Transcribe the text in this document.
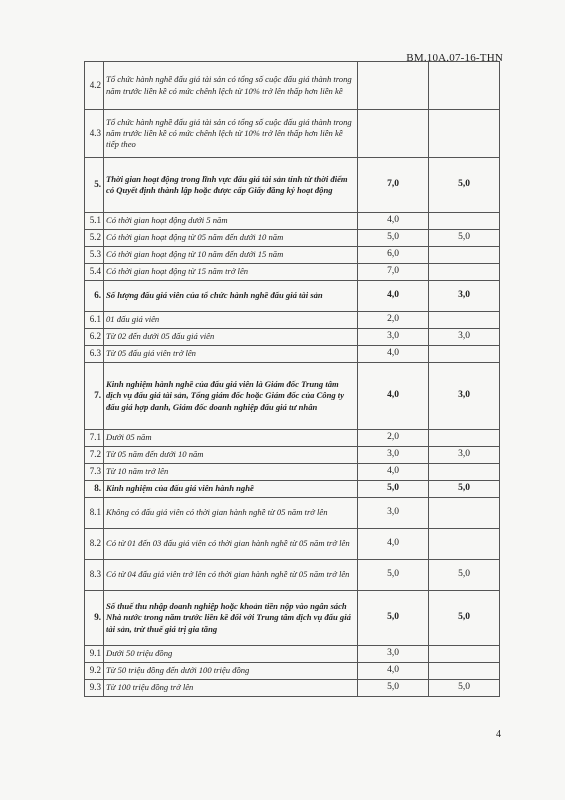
BM.10A.07-16-THN
4.2	Tổ chức hành nghề đấu giá tài sản có tổng số cuộc đấu giá thành trong năm trước liền kề có mức chênh lệch từ 10% trở lên thấp hơn liền kề		
4.3	Tổ chức hành nghề đấu giá tài sản có tổng số cuộc đấu giá thành trong năm trước liền kề có mức chênh lệch từ 10% trở lên thấp hơn liền kề tiếp theo		
5.	Thời gian hoạt động trong lĩnh vực đấu giá tài sản tính từ thời điểm có Quyết định thành lập hoặc được cấp Giấy đăng ký hoạt động	7,0	5,0
5.1	Có thời gian hoạt động dưới 5 năm	4,0	
5.2	Có thời gian hoạt động từ 05 năm đến dưới 10 năm	5,0	5,0
5.3	Có thời gian hoạt động từ 10 năm đến dưới 15 năm	6,0	
5.4	Có thời gian hoạt động từ 15 năm trở lên	7,0	
6.	Số lượng đấu giá viên của tổ chức hành nghề đấu giá tài sản	4,0	3,0
6.1	01 đấu giá viên	2,0	
6.2	Từ 02 đến dưới 05 đấu giá viên	3,0	3,0
6.3	Từ 05 đấu giá viên trở lên	4,0	
7.	Kinh nghiệm hành nghề của đấu giá viên là Giám đốc Trung tâm dịch vụ đấu giá tài sản, Tổng giám đốc hoặc Giám đốc của Công ty đấu giá hợp danh, Giám đốc doanh nghiệp đấu giá tư nhân	4,0	3,0
7.1	Dưới 05 năm	2,0	
7.2	Từ 05 năm đến dưới 10 năm	3,0	3,0
7.3	Từ 10 năm trở lên	4,0	
8.	Kinh nghiệm của đấu giá viên hành nghề	5,0	5,0
8.1	Không có đấu giá viên có thời gian hành nghề từ 05 năm trở lên	3,0	
8.2	Có từ 01 đến 03 đấu giá viên có thời gian hành nghề từ 05 năm trở lên	4,0	
8.3	Có từ 04 đấu giá viên trở lên có thời gian hành nghề từ 05 năm trở lên	5,0	5,0
9.	Số thuế thu nhập doanh nghiệp hoặc khoản tiền nộp vào ngân sách Nhà nước trong năm trước liền kề đối với Trung tâm dịch vụ đấu giá tài sản, trừ thuế giá trị gia tăng	5,0	5,0
9.1	Dưới 50 triệu đồng	3,0	
9.2	Từ 50 triệu đồng đến dưới 100 triệu đồng	4,0	
9.3	Từ 100 triệu đồng trở lên	5,0	5,0
4
